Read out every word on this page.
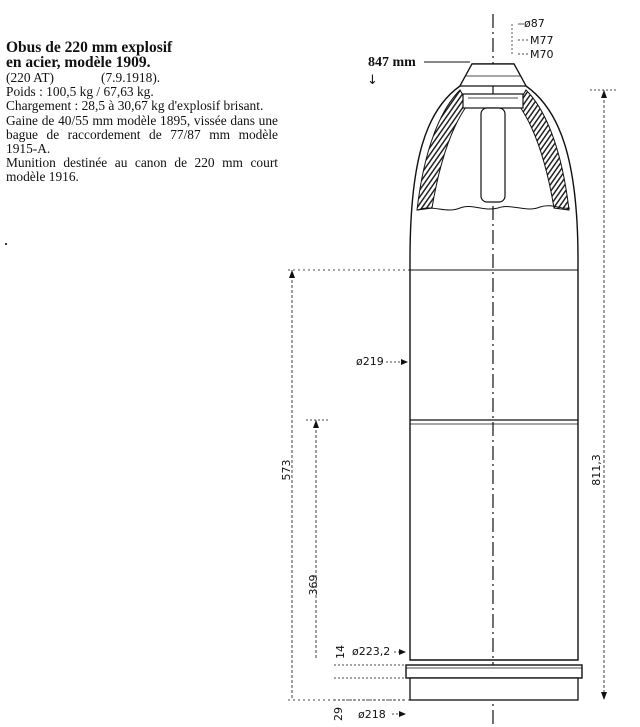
Obus de 220 mm explosif
en acier, modèle 1909.
(220 AT)	(7.9.1918).
Poids : 100,5 kg / 67,63 kg.
Chargement : 28,5 à 30,67 kg d'explosif brisant.
Gaine de 40/55 mm modèle 1895, vissée dans une bague de raccordement de 77/87 mm modèle 1915-A.
Munition destinée au canon de 220 mm court modèle 1916.
811,3
573
369
14
29
ø219
ø223,2
ø218
ø87
M77
M70
847 mm
↓
